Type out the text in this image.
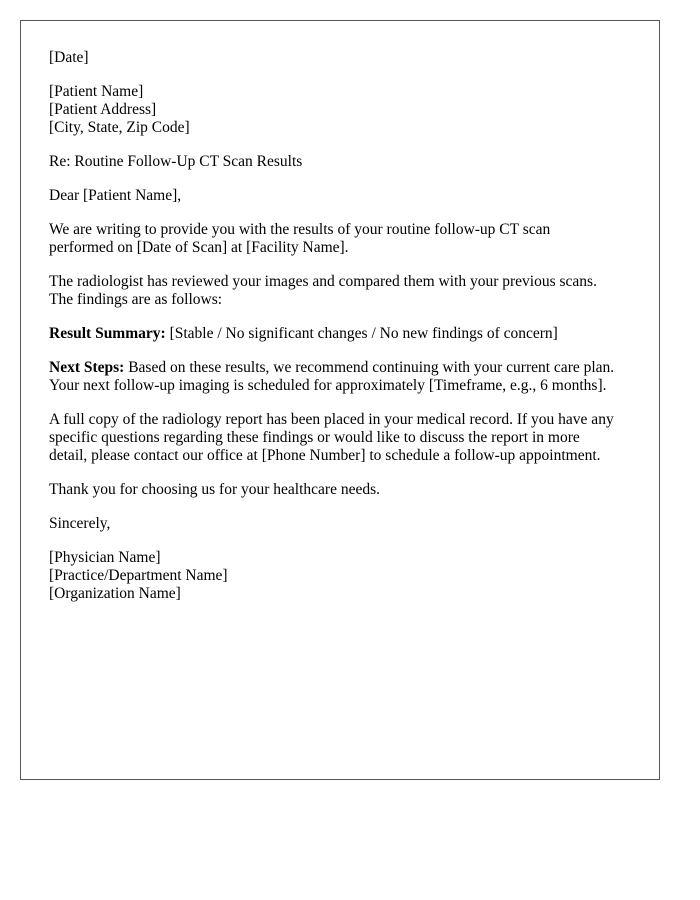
[Date]
[Patient Name]
[Patient Address]
[City, State, Zip Code]
Re: Routine Follow-Up CT Scan Results
Dear [Patient Name],
We are writing to provide you with the results of your routine follow-up CT scan
performed on [Date of Scan] at [Facility Name].
The radiologist has reviewed your images and compared them with your previous scans.
The findings are as follows:
Result Summary: [Stable / No significant changes / No new findings of concern]
Next Steps: Based on these results, we recommend continuing with your current care plan.
Your next follow-up imaging is scheduled for approximately [Timeframe, e.g., 6 months].
A full copy of the radiology report has been placed in your medical record. If you have any
specific questions regarding these findings or would like to discuss the report in more
detail, please contact our office at [Phone Number] to schedule a follow-up appointment.
Thank you for choosing us for your healthcare needs.
Sincerely,
[Physician Name]
[Practice/Department Name]
[Organization Name]
